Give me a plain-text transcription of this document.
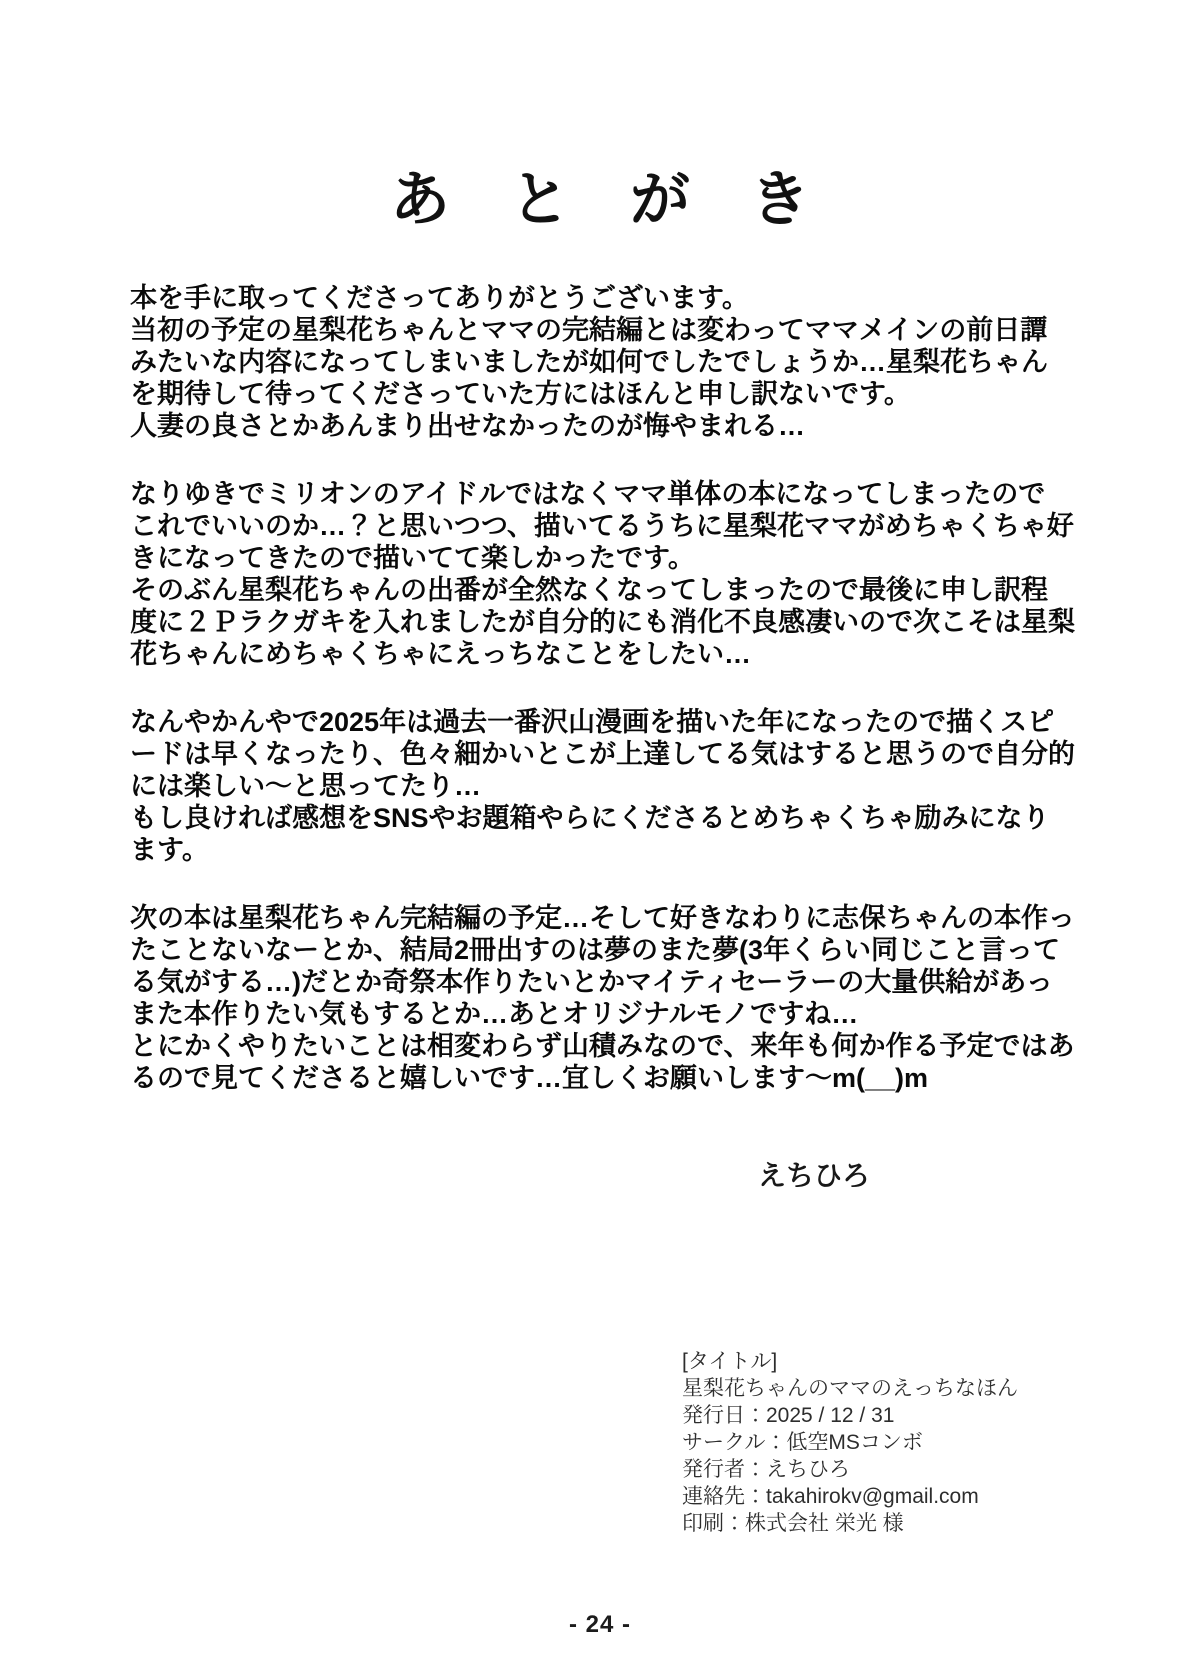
あ　と　が　き
本を手に取ってくださってありがとうございます。
当初の予定の星梨花ちゃんとママの完結編とは変わってママメインの前日譚
みたいな内容になってしまいましたが如何でしたでしょうか…星梨花ちゃん
を期待して待ってくださっていた方にはほんと申し訳ないです。
人妻の良さとかあんまり出せなかったのが悔やまれる…
なりゆきでミリオンのアイドルではなくママ単体の本になってしまったので
これでいいのか…？と思いつつ、描いてるうちに星梨花ママがめちゃくちゃ好
きになってきたので描いてて楽しかったです。
そのぶん星梨花ちゃんの出番が全然なくなってしまったので最後に申し訳程
度に２Ｐラクガキを入れましたが自分的にも消化不良感凄いので次こそは星梨
花ちゃんにめちゃくちゃにえっちなことをしたい…
なんやかんやで2025年は過去一番沢山漫画を描いた年になったので描くスピ
ードは早くなったり、色々細かいとこが上達してる気はすると思うので自分的
には楽しい〜と思ってたり…
もし良ければ感想をSNSやお題箱やらにくださるとめちゃくちゃ励みになり
ます。
次の本は星梨花ちゃん完結編の予定…そして好きなわりに志保ちゃんの本作っ
たことないなーとか、結局2冊出すのは夢のまた夢(3年くらい同じこと言って
る気がする…)だとか奇祭本作りたいとかマイティセーラーの大量供給があっ
また本作りたい気もするとか…あとオリジナルモノですね…
とにかくやりたいことは相変わらず山積みなので、来年も何か作る予定ではあ
るので見てくださると嬉しいです…宜しくお願いします〜m(__)m
えちひろ
[タイトル]
星梨花ちゃんのママのえっちなほん
発行日：2025 / 12 / 31
サークル：低空MSコンボ
発行者：えちひろ
連絡先：takahirokv@gmail.com
印刷：株式会社 栄光 様
- 24 -
